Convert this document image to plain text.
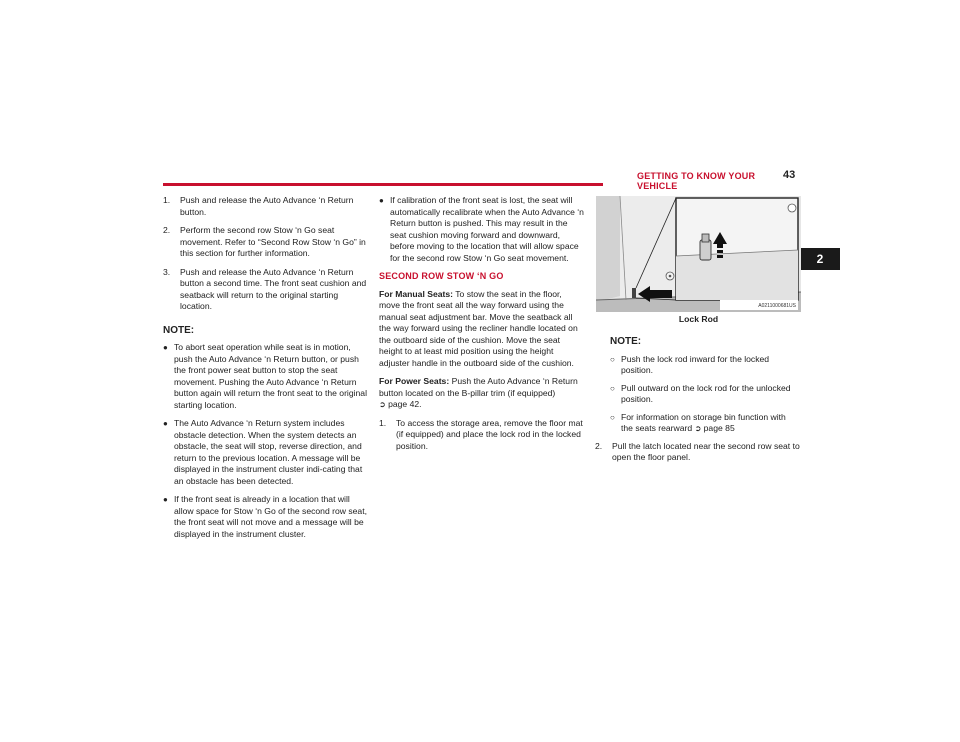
GETTING TO KNOW YOUR VEHICLE
43
2
1. Push and release the Auto Advance ‘n Return button.
2. Perform the second row Stow ‘n Go seat movement. Refer to “Second Row Stow ‘n Go” in this section for further information.
3. Push and release the Auto Advance ‘n Return button a second time. The front seat cushion and seatback will return to the original starting location.
NOTE:
● To abort seat operation while seat is in motion, push the Auto Advance ‘n Return button, or push the front power seat button to stop the seat movement. Pushing the Auto Advance ‘n Return button again will return the front seat to the original starting location.
● The Auto Advance ‘n Return system includes obstacle detection. When the system detects an obstacle, the seat will stop, reverse direction, and return to the previous location. A message will be displayed in the instrument cluster indi-cating that an obstacle has been detected.
● If the front seat is already in a location that will allow space for Stow ‘n Go of the second row seat, the front seat will not move and a message will be displayed in the instrument cluster.
● If calibration of the front seat is lost, the seat will automatically recalibrate when the Auto Advance ‘n Return button is pushed. This may result in the seat cushion moving forward and downward, before moving to the location that will allow space for the second row Stow ‘n Go seat movement.
SECOND ROW STOW ‘N GO
For Manual Seats: To stow the seat in the floor, move the front seat all the way forward using the manual seat adjustment bar. Move the seatback all the way forward using the recliner handle located on the outboard side of the cushion. Move the seat height to at least mid position using the height adjuster handle in the outboard side of the cushion.
For Power Seats: Push the Auto Advance ‘n Return button located on the B-pillar trim (if equipped)
➲ page 42.
1. To access the storage area, remove the floor mat (if equipped) and place the lock rod in the locked position.
A0211000681US
Lock Rod
NOTE:
○ Push the lock rod inward for the locked position.
○ Pull outward on the lock rod for the unlocked position.
○ For information on storage bin function with the seats rearward ➲ page 85
2. Pull the latch located near the second row seat to open the floor panel.
